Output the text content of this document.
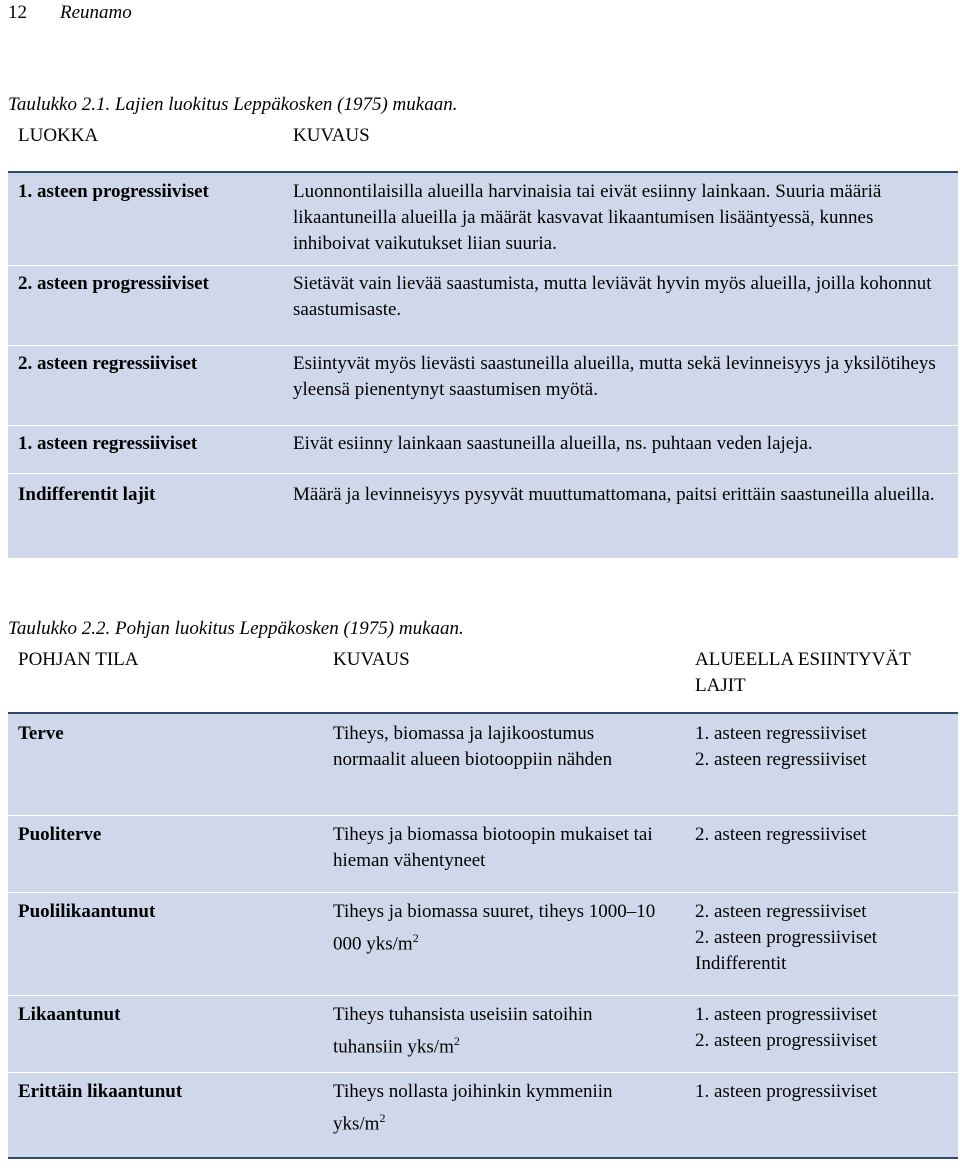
12 Reunamo
Taulukko 2.1. Lajien luokitus Leppäkosken (1975) mukaan.
LUOKKA	KUVAUS
1. asteen progressiiviset	Luonnontilaisilla alueilla harvinaisia tai eivät esiinny lainkaan. Suuria määriä likaantuneilla alueilla ja määrät kasvavat likaantumisen lisääntyessä, kunnes inhiboivat vaikutukset liian suuria.
2. asteen progressiiviset	Sietävät vain lievää saastumista, mutta leviävät hyvin myös alueilla, joilla kohonnut saastumisaste.
2. asteen regressiiviset	Esiintyvät myös lievästi saastuneilla alueilla, mutta sekä levinneisyys ja yksilötiheys yleensä pienentynyt saastumisen myötä.
1. asteen regressiiviset	Eivät esiinny lainkaan saastuneilla alueilla, ns. puhtaan veden lajeja.
Indifferentit lajit	Määrä ja levinneisyys pysyvät muuttumattomana, paitsi erittäin saastuneilla alueilla.
Taulukko 2.2. Pohjan luokitus Leppäkosken (1975) mukaan.
POHJAN TILA	KUVAUS	ALUEELLA ESIINTYVÄT LAJIT
Terve	Tiheys, biomassa ja lajikoostumus normaalit alueen biotooppiin nähden	1. asteen regressiiviset
2. asteen regressiiviset

Puoliterve	Tiheys ja biomassa biotoopin mukaiset tai hieman vähentyneet	2. asteen regressiiviset

Puolilikaantunut	Tiheys ja biomassa suuret, tiheys 1000–10 000 yks/$m^2$	2. asteen regressiiviset
2. asteen progressiiviset
Indifferentit

Likaantunut	Tiheys tuhansista useisiin satoihin tuhansiin yks/$m^2$	1. asteen progressiiviset
2. asteen progressiiviset

Erittäin likaantunut	Tiheys nollasta joihinkin kymmeniin yks/$m^2$	1. asteen progressiiviset
